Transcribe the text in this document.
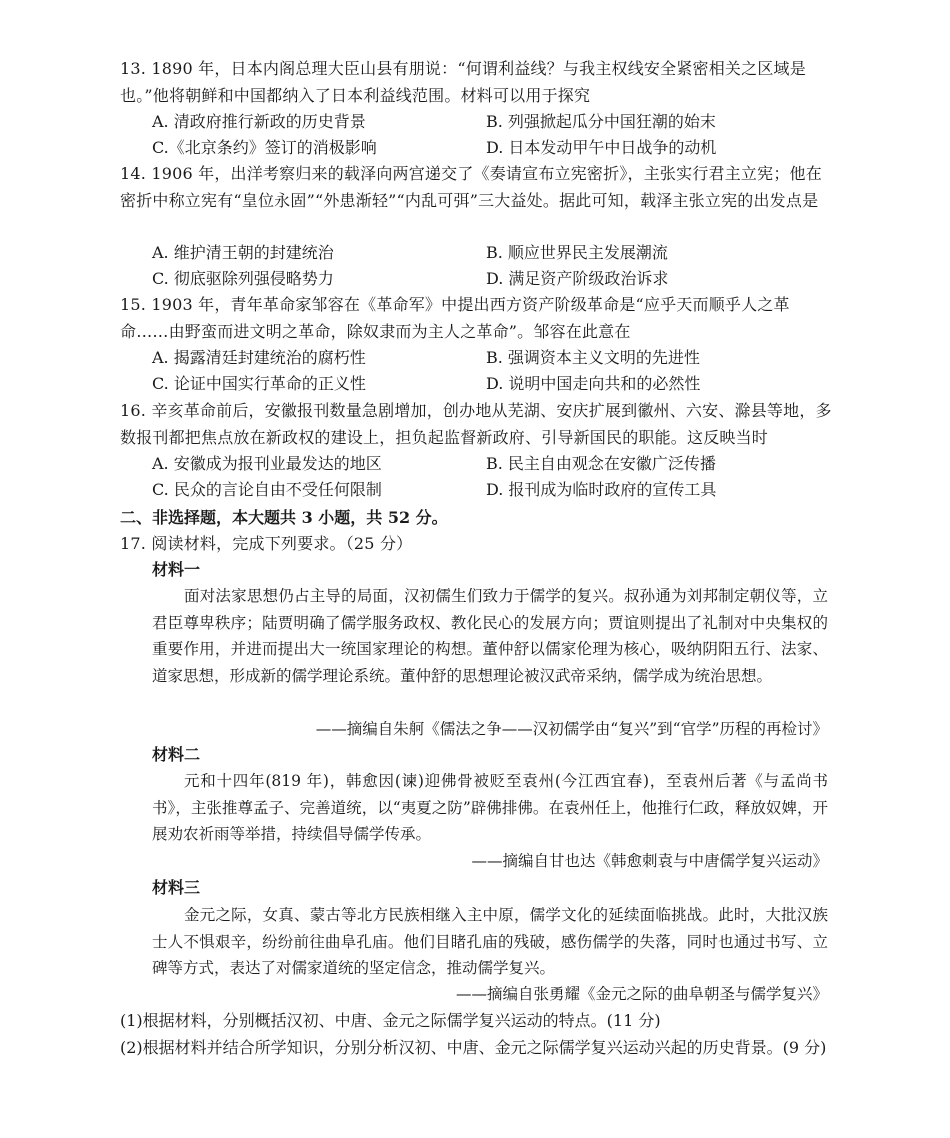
13. 1890 年，日本内阁总理大臣山县有朋说：“何谓利益线？与我主权线安全紧密相关之区域是也。”他将朝鲜和中国都纳入了日本利益线范围。材料可以用于探究
A. 清政府推行新政的历史背景	B. 列强掀起瓜分中国狂潮的始末
C.《北京条约》签订的消极影响	D. 日本发动甲午中日战争的动机
14. 1906 年，出洋考察归来的载泽向两宫递交了《奏请宣布立宪密折》，主张实行君主立宪；他在密折中称立宪有“皇位永固”“外患渐轻”“内乱可弭”三大益处。据此可知，载泽主张立宪的出发点是
A. 维护清王朝的封建统治	B. 顺应世界民主发展潮流
C. 彻底驱除列强侵略势力	D. 满足资产阶级政治诉求
15. 1903 年，青年革命家邹容在《革命军》中提出西方资产阶级革命是“应乎天而顺乎人之革命……由野蛮而进文明之革命，除奴隶而为主人之革命”。邹容在此意在
A. 揭露清廷封建统治的腐朽性	B. 强调资本主义文明的先进性
C. 论证中国实行革命的正义性	D. 说明中国走向共和的必然性
16. 辛亥革命前后，安徽报刊数量急剧增加，创办地从芜湖、安庆扩展到徽州、六安、滁县等地，多数报刊都把焦点放在新政权的建设上，担负起监督新政府、引导新国民的职能。这反映当时
A. 安徽成为报刊业最发达的地区	B. 民主自由观念在安徽广泛传播
C. 民众的言论自由不受任何限制	D. 报刊成为临时政府的宣传工具
二、非选择题，本大题共 3 小题，共 52 分。
17. 阅读材料，完成下列要求。（25 分）
材料一
面对法家思想仍占主导的局面，汉初儒生们致力于儒学的复兴。叔孙通为刘邦制定朝仪等，立君臣尊卑秩序；陆贾明确了儒学服务政权、教化民心的发展方向；贾谊则提出了礼制对中央集权的重要作用，并进而提出大一统国家理论的构想。董仲舒以儒家伦理为核心，吸纳阴阳五行、法家、道家思想，形成新的儒学理论系统。董仲舒的思想理论被汉武帝采纳，儒学成为统治思想。
——摘编自朱舸《儒法之争——汉初儒学由“复兴”到“官学”历程的再检讨》
材料二
元和十四年(819 年)，韩愈因(谏)迎佛骨被贬至袁州(今江西宜春)，至袁州后著《与孟尚书书》，主张推尊孟子、完善道统，以“夷夏之防”辟佛排佛。在袁州任上，他推行仁政，释放奴婢，开展劝农祈雨等举措，持续倡导儒学传承。
——摘编自甘也达《韩愈刺袁与中唐儒学复兴运动》
材料三
金元之际，女真、蒙古等北方民族相继入主中原，儒学文化的延续面临挑战。此时，大批汉族士人不惧艰辛，纷纷前往曲阜孔庙。他们目睹孔庙的残破，感伤儒学的失落，同时也通过书写、立碑等方式，表达了对儒家道统的坚定信念，推动儒学复兴。
——摘编自张勇耀《金元之际的曲阜朝圣与儒学复兴》
(1)根据材料，分别概括汉初、中唐、金元之际儒学复兴运动的特点。(11 分)
(2)根据材料并结合所学知识，分别分析汉初、中唐、金元之际儒学复兴运动兴起的历史背景。(9 分)
